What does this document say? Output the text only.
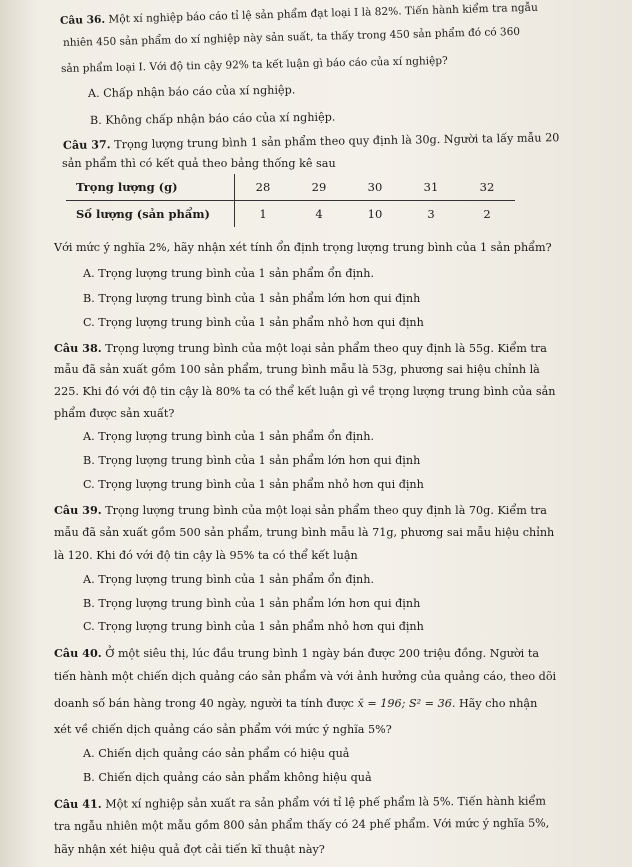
Câu 36. Một xí nghiệp báo cáo tỉ lệ sản phẩm đạt loại I là 82%. Tiến hành kiểm tra ngẫu
nhiên 450 sản phẩm do xí nghiệp này sản suất, ta thấy trong 450 sản phẩm đó có 360
sản phẩm loại I. Với độ tin cậy 92% ta kết luận gì báo cáo của xí nghiệp?
A. Chấp nhận báo cáo của xí nghiệp.
B. Không chấp nhận báo cáo của xí nghiệp.
Câu 37. Trọng lượng trung bình 1 sản phẩm theo quy định là 30g. Người ta lấy mẫu 20
sản phẩm thì có kết quả theo bảng thống kê sau
Trọng lượng (g)	28	29	30	31	32
Số lượng (sản phẩm)	1	4	10	3	2
Với mức ý nghĩa 2%, hãy nhận xét tính ổn định trọng lượng trung bình của 1 sản phẩm?
A. Trọng lượng trung bình của 1 sản phẩm ổn định.
B. Trọng lượng trung bình của 1 sản phẩm lớn hơn qui định
C. Trọng lượng trung bình của 1 sản phẩm nhỏ hơn qui định
Câu 38. Trọng lượng trung bình của một loại sản phẩm theo quy định là 55g. Kiểm tra
mẫu đã sản xuất gồm 100 sản phẩm, trung bình mẫu là 53g, phương sai hiệu chỉnh là
225. Khi đó với độ tin cậy là 80% ta có thể kết luận gì về trọng lượng trung bình của sản
phẩm được sản xuất?
A. Trọng lượng trung bình của 1 sản phẩm ổn định.
B. Trọng lượng trung bình của 1 sản phẩm lớn hơn qui định
C. Trọng lượng trung bình của 1 sản phẩm nhỏ hơn qui định
Câu 39. Trọng lượng trung bình của một loại sản phẩm theo quy định là 70g. Kiểm tra
mẫu đã sản xuất gồm 500 sản phẩm, trung bình mẫu là 71g, phương sai mẫu hiệu chỉnh
là 120. Khi đó với độ tin cậy là 95% ta có thể kết luận
A. Trọng lượng trung bình của 1 sản phẩm ổn định.
B. Trọng lượng trung bình của 1 sản phẩm lớn hơn qui định
C. Trọng lượng trung bình của 1 sản phẩm nhỏ hơn qui định
Câu 40. Ở một siêu thị, lúc đầu trung bình 1 ngày bán được 200 triệu đồng. Người ta
tiến hành một chiến dịch quảng cáo sản phẩm và với ảnh hưởng của quảng cáo, theo dõi
doanh số bán hàng trong 40 ngày, người ta tính được x̄ = 196; S² = 36. Hãy cho nhận
xét về chiến dịch quảng cáo sản phẩm với mức ý nghĩa 5%?
A. Chiến dịch quảng cáo sản phẩm có hiệu quả
B. Chiến dịch quảng cáo sản phẩm không hiệu quả
Câu 41. Một xí nghiệp sản xuất ra sản phẩm với tỉ lệ phế phẩm là 5%. Tiến hành kiểm
tra ngẫu nhiên một mẫu gồm 800 sản phẩm thấy có 24 phế phẩm. Với mức ý nghĩa 5%,
hãy nhận xét hiệu quả đợt cải tiến kĩ thuật này?
